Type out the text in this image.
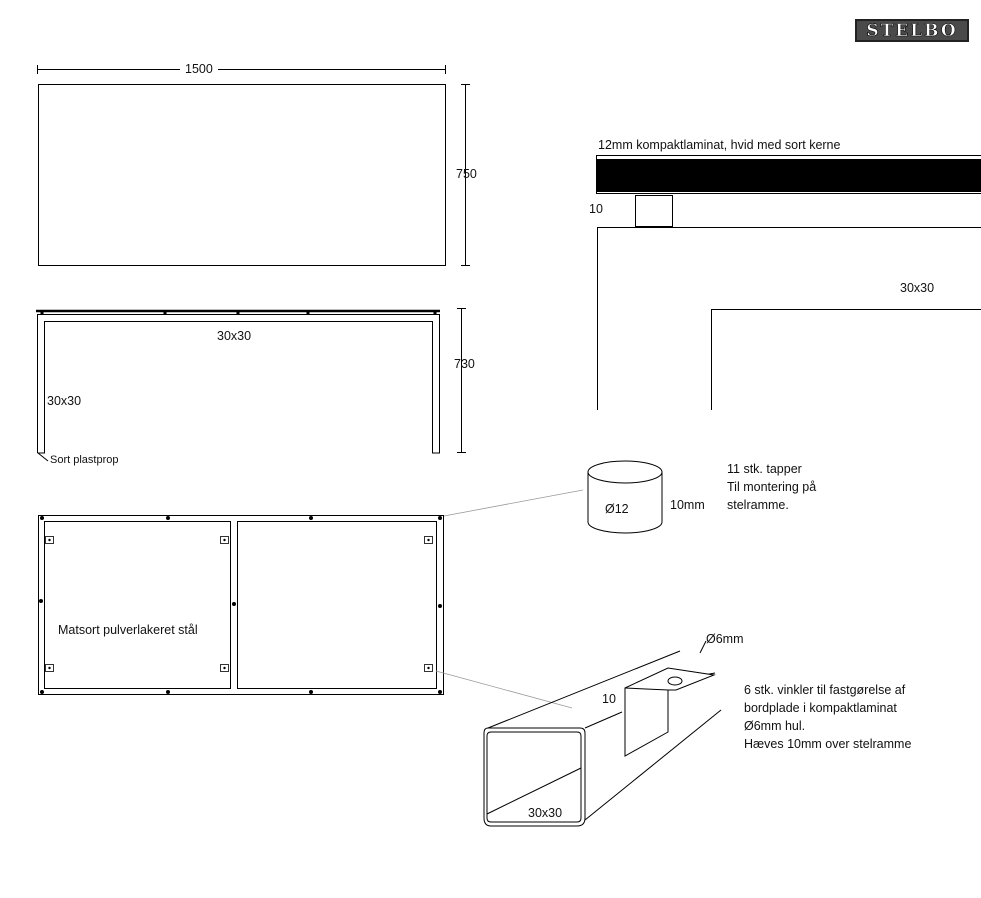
STELBO
1500
750
30x30
730
30x30
Sort plastprop
Matsort pulverlakeret stål
12mm kompaktlaminat, hvid med sort kerne
10
30x30
Ø12	10mm
11 stk. tapper
Til montering på
stelramme.
Ø6mm
10
30x30
6 stk. vinkler til fastgørelse af
bordplade i kompaktlaminat
Ø6mm hul.
Hæves 10mm over stelramme
